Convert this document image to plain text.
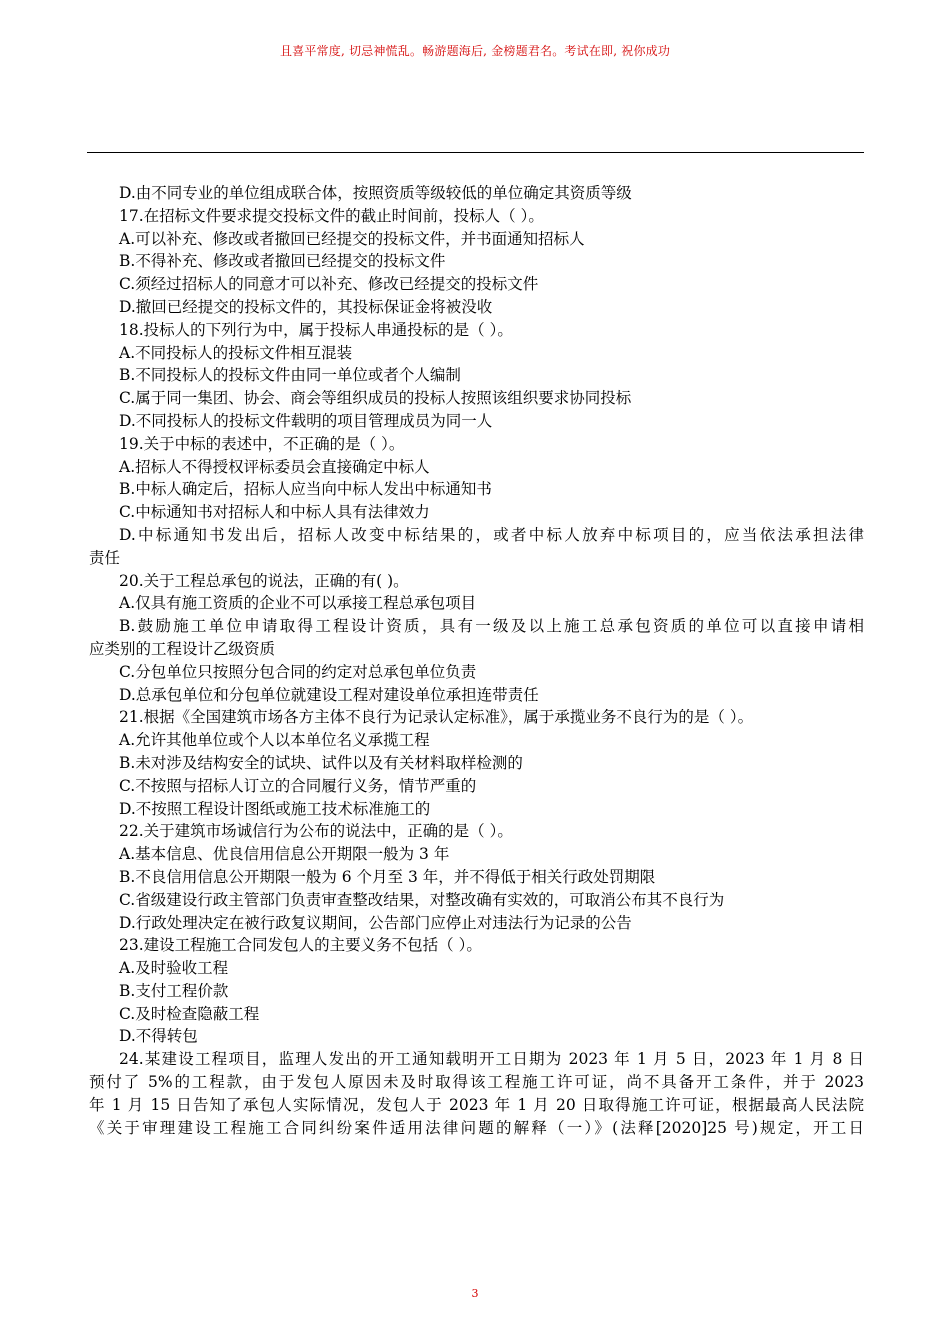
且喜平常度, 切忌神慌乱。畅游题海后, 金榜题君名。考试在即, 祝你成功
D.由不同专业的单位组成联合体，按照资质等级较低的单位确定其资质等级
17.在招标文件要求提交投标文件的截止时间前，投标人（ ）。
A.可以补充、修改或者撤回已经提交的投标文件，并书面通知招标人
B.不得补充、修改或者撤回已经提交的投标文件
C.须经过招标人的同意才可以补充、修改已经提交的投标文件
D.撤回已经提交的投标文件的，其投标保证金将被没收
18.投标人的下列行为中，属于投标人串通投标的是（ ）。
A.不同投标人的投标文件相互混装
B.不同投标人的投标文件由同一单位或者个人编制
C.属于同一集团、协会、商会等组织成员的投标人按照该组织要求协同投标
D.不同投标人的投标文件载明的项目管理成员为同一人
19.关于中标的表述中，不正确的是（ ）。
A.招标人不得授权评标委员会直接确定中标人
B.中标人确定后，招标人应当向中标人发出中标通知书
C.中标通知书对招标人和中标人具有法律效力
D.中标通知书发出后，招标人改变中标结果的，或者中标人放弃中标项目的，应当依法承担法律
责任
20.关于工程总承包的说法，正确的有( )。
A.仅具有施工资质的企业不可以承接工程总承包项目
B.鼓励施工单位申请取得工程设计资质，具有一级及以上施工总承包资质的单位可以直接申请相
应类别的工程设计乙级资质
C.分包单位只按照分包合同的约定对总承包单位负责
D.总承包单位和分包单位就建设工程对建设单位承担连带责任
21.根据《全国建筑市场各方主体不良行为记录认定标准》，属于承揽业务不良行为的是（ ）。
A.允许其他单位或个人以本单位名义承揽工程
B.未对涉及结构安全的试块、试件以及有关材料取样检测的
C.不按照与招标人订立的合同履行义务，情节严重的
D.不按照工程设计图纸或施工技术标准施工的
22.关于建筑市场诚信行为公布的说法中，正确的是（ ）。
A.基本信息、优良信用信息公开期限一般为 3 年
B.不良信用信息公开期限一般为 6 个月至 3 年，并不得低于相关行政处罚期限
C.省级建设行政主管部门负责审查整改结果，对整改确有实效的，可取消公布其不良行为
D.行政处理决定在被行政复议期间，公告部门应停止对违法行为记录的公告
23.建设工程施工合同发包人的主要义务不包括（ ）。
A.及时验收工程
B.支付工程价款
C.及时检查隐蔽工程
D.不得转包
24.某建设工程项目，监理人发出的开工通知载明开工日期为 2023 年 1 月 5 日，2023 年 1 月 8 日
预付了 5%的工程款，由于发包人原因未及时取得该工程施工许可证，尚不具备开工条件，并于 2023
年 1 月 15 日告知了承包人实际情况，发包人于 2023 年 1 月 20 日取得施工许可证，根据最高人民法院
《关于审理建设工程施工合同纠纷案件适用法律问题的解释（一）》(法释[2020]25 号)规定，开工日
3
